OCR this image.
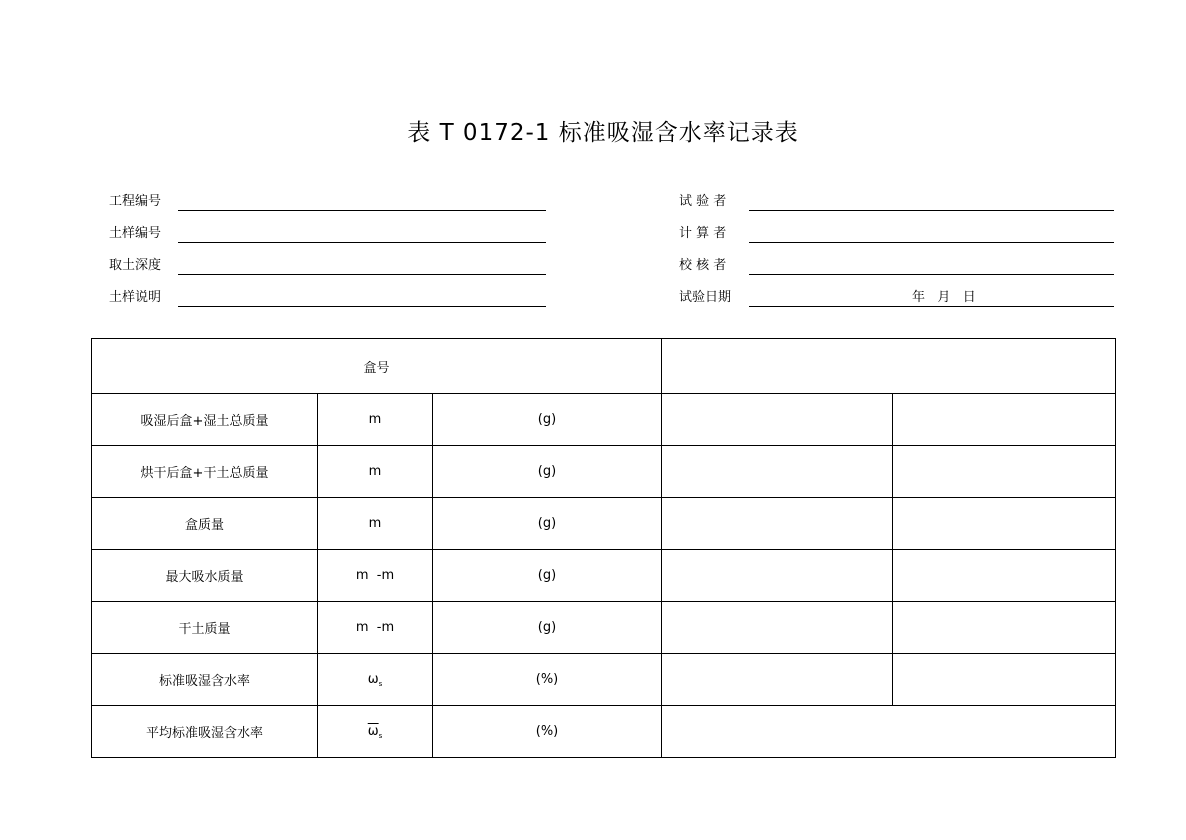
表 T 0172-1 标准吸湿含水率记录表
工程编号
土样编号
取土深度
土样说明
试 验 者
计 算 者
校 核 者
试验日期	年   月   日
盒号				
吸湿后盒+湿土总质量	m	(g)		
烘干后盒+干土总质量	m	(g)		
盒质量	m	(g)		
最大吸水质量	m  -m	(g)		
干土质量	m  -m	(g)		
标准吸湿含水率	$\omega_s$	(%)		
平均标准吸湿含水率	$\overline{\omega}_s$	(%)		
